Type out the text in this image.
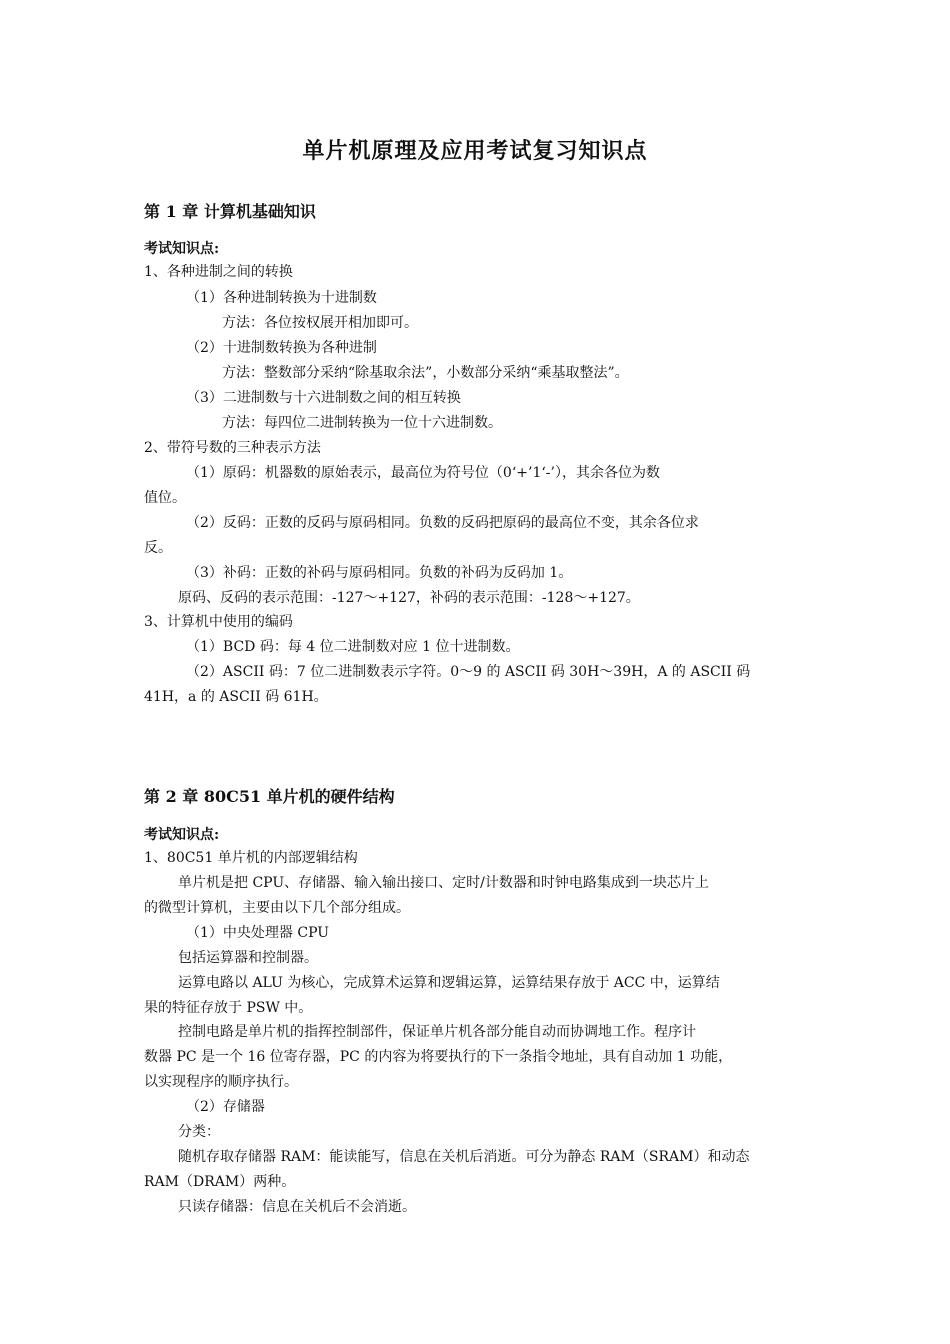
单片机原理及应用考试复习知识点
第 1 章 计算机基础知识
考试知识点:
1、各种进制之间的转换
（1）各种进制转换为十进制数
方法：各位按权展开相加即可。
（2）十进制数转换为各种进制
方法：整数部分采纳“除基取余法”，小数部分采纳“乘基取整法”。
（3）二进制数与十六进制数之间的相互转换
方法：每四位二进制转换为一位十六进制数。
2、带符号数的三种表示方法
（1）原码：机器数的原始表示，最高位为符号位（0‘+’1‘-’），其余各位为数
值位。
（2）反码：正数的反码与原码相同。负数的反码把原码的最高位不变，其余各位求
反。
（3）补码：正数的补码与原码相同。负数的补码为反码加 1。
原码、反码的表示范围：-127～+127，补码的表示范围：-128～+127。
3、计算机中使用的编码
（1）BCD 码：每 4 位二进制数对应 1 位十进制数。
（2）ASCII 码：7 位二进制数表示字符。0～9 的 ASCII 码 30H～39H，A 的 ASCII 码
41H，a 的 ASCII 码 61H。
第 2 章 80C51 单片机的硬件结构
考试知识点:
1、80C51 单片机的内部逻辑结构
单片机是把 CPU、存储器、输入输出接口、定时/计数器和时钟电路集成到一块芯片上
的微型计算机，主要由以下几个部分组成。
（1）中央处理器 CPU
包括运算器和控制器。
运算电路以 ALU 为核心，完成算术运算和逻辑运算，运算结果存放于 ACC 中，运算结
果的特征存放于 PSW 中。
控制电路是单片机的指挥控制部件，保证单片机各部分能自动而协调地工作。程序计
数器 PC 是一个 16 位寄存器，PC 的内容为将要执行的下一条指令地址，具有自动加 1 功能，
以实现程序的顺序执行。
（2）存储器
分类：
随机存取存储器 RAM：能读能写，信息在关机后消逝。可分为静态 RAM（SRAM）和动态
RAM（DRAM）两种。
只读存储器：信息在关机后不会消逝。
